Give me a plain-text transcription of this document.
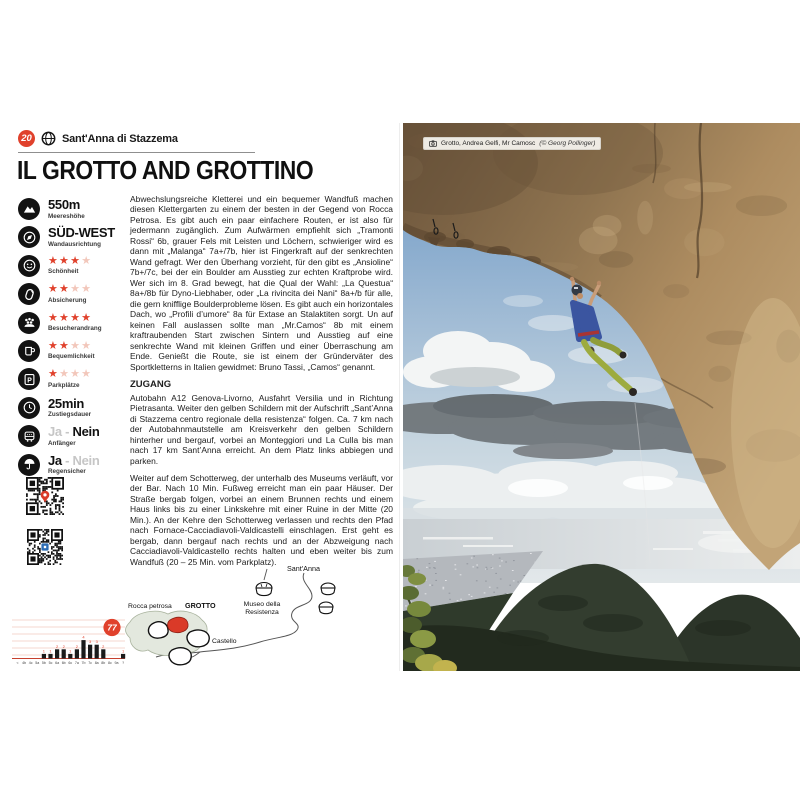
20	Sant'Anna di Stazzema
IL GROTTO AND GROTTINO
550m
Meereshöhe
SÜD-WEST
Wandausrichtung
★★★★
Schönheit
★★★★
Absicherung
★★★★
Besucherandrang
★★★★
Bequemlichkeit
P
★★★★
Parkplätze
25min
Zustiegsdauer
Ja - Nein
Anfänger
Ja - Nein
Regensicher

Abwechslungsreiche Kletterei und ein bequemer Wandfuß machen diesen Klettergarten zu einem der besten in der Gegend von Rocca Petrosa. Es gibt auch ein paar einfachere Routen, er ist also für jedermann zugänglich. Zum Aufwärmen empfiehlt sich „Tramonti Rossi“ 6b, grauer Fels mit Leisten und Löchern, schwieriger wird es dann mit „Malanga“ 7a+/7b, hier ist Fingerkraft auf der senkrechten Wand gefragt. Wer den Überhang vorzieht, für den gibt es „Ansioline“ 7b+/7c, bei der ein Boulder am Ausstieg zur echten Kraftprobe wird. Wer sich im 8. Grad bewegt, hat die Qual der Wahl: „La Questua“ 8a+/8b für Dyno-Liebhaber, oder „La rivincita dei Nani“ 8a+/b für alle, die gern knifflige Boulderprobleme lösen. Es gibt auch ein horizontales Dach, wo „Profili d’umore“ 8a für Extase an Stalaktiten sorgt. Un auf keinen Fall auslassen sollte man „Mr.Camos“ 8b mit einem kraftraubenden Start zwischen Sintern und Ausstieg auf eine senkrechte Wand mit kleinen Griffen und einer Überraschung am Ende. Genießt die Route, sie ist einem der Gründerväter des Sportkletterns in Italien gewidmet: Bruno Tassi, „Camos“ genannt.

ZUGANG

Autobahn A12 Genova-Livorno, Ausfahrt Versilia und in Richtung Pietrasanta. Weiter den gelben Schildern mit der Aufschrift „Sant’Anna di Stazzema centro regionale della resistenza“ folgen. Ca. 7 km nach der Autobahnmautstelle am Kreisverkehr den gelben Schildern hinterher und bergauf, vorbei an Monteggiori und La Culla bis man nach 17 km Sant’Anna erreicht. An dem Platz links abbiegen und parken.

Weiter auf dem Schotterweg, der unterhalb des Museums verläuft, vor der Bar. Nach 10 Min. Fußweg erreicht man ein paar Häuser. Der Straße bergab folgen, vorbei an einem Brunnen rechts und einem Haus links bis zu einer Linkskehre mit einer Ruine in der Mitte (20 Min.). An der Kehre den Schotterweg verlassen und rechts den Pfad nach Fornace-Cacciadiavoli-Valdicastelli einschlagen. Erst geht es bergab, dann bergauf nach rechts und an der Abzweigung nach Cacciadiavoli-Valdicastello rechts halten und eben weiter bis zum Wandfuß (20 – 25 Min. vom Parkplatz).

Sant'Anna
Museo della
Resistenza
Rocca petrosa GROTTO
Castello
< 4b 4c 5a
1
5b
1
5c
2
6a
2
6b
1
6c
2
7a
4
7b
3
7c
3
8a
2
8b 8c 9a
1
?
77
Grotto, Andrea Gelfi, Mr Camosc (© Georg Pollinger)
